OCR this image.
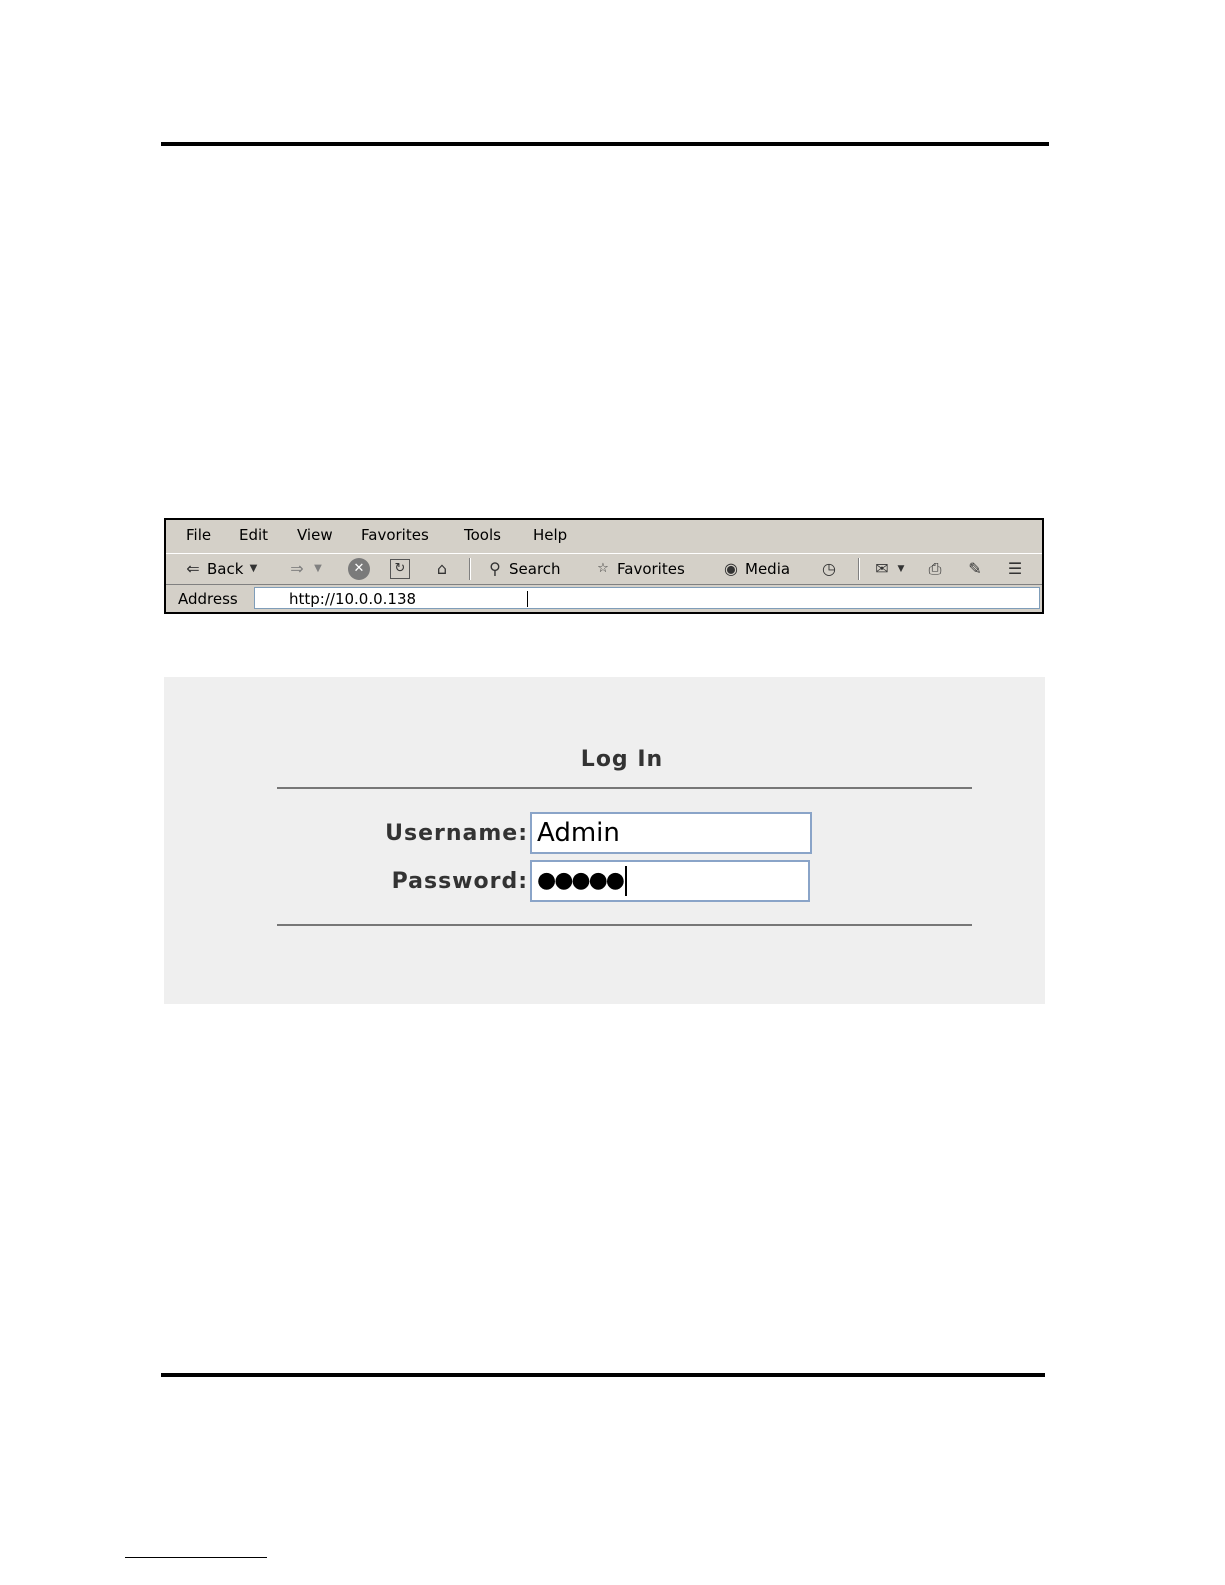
File Edit View Favorites Tools Help
⇐ Back ▼ ⇒	▼	✕	↻	⌂	⚲ Search	☆ Favorites ◉ Media ◷ ✉ ▼ ⎙ ✎ ☰
Address	http://10.0.0.138
Log In
Username: Admin
Password: ●●●●●
